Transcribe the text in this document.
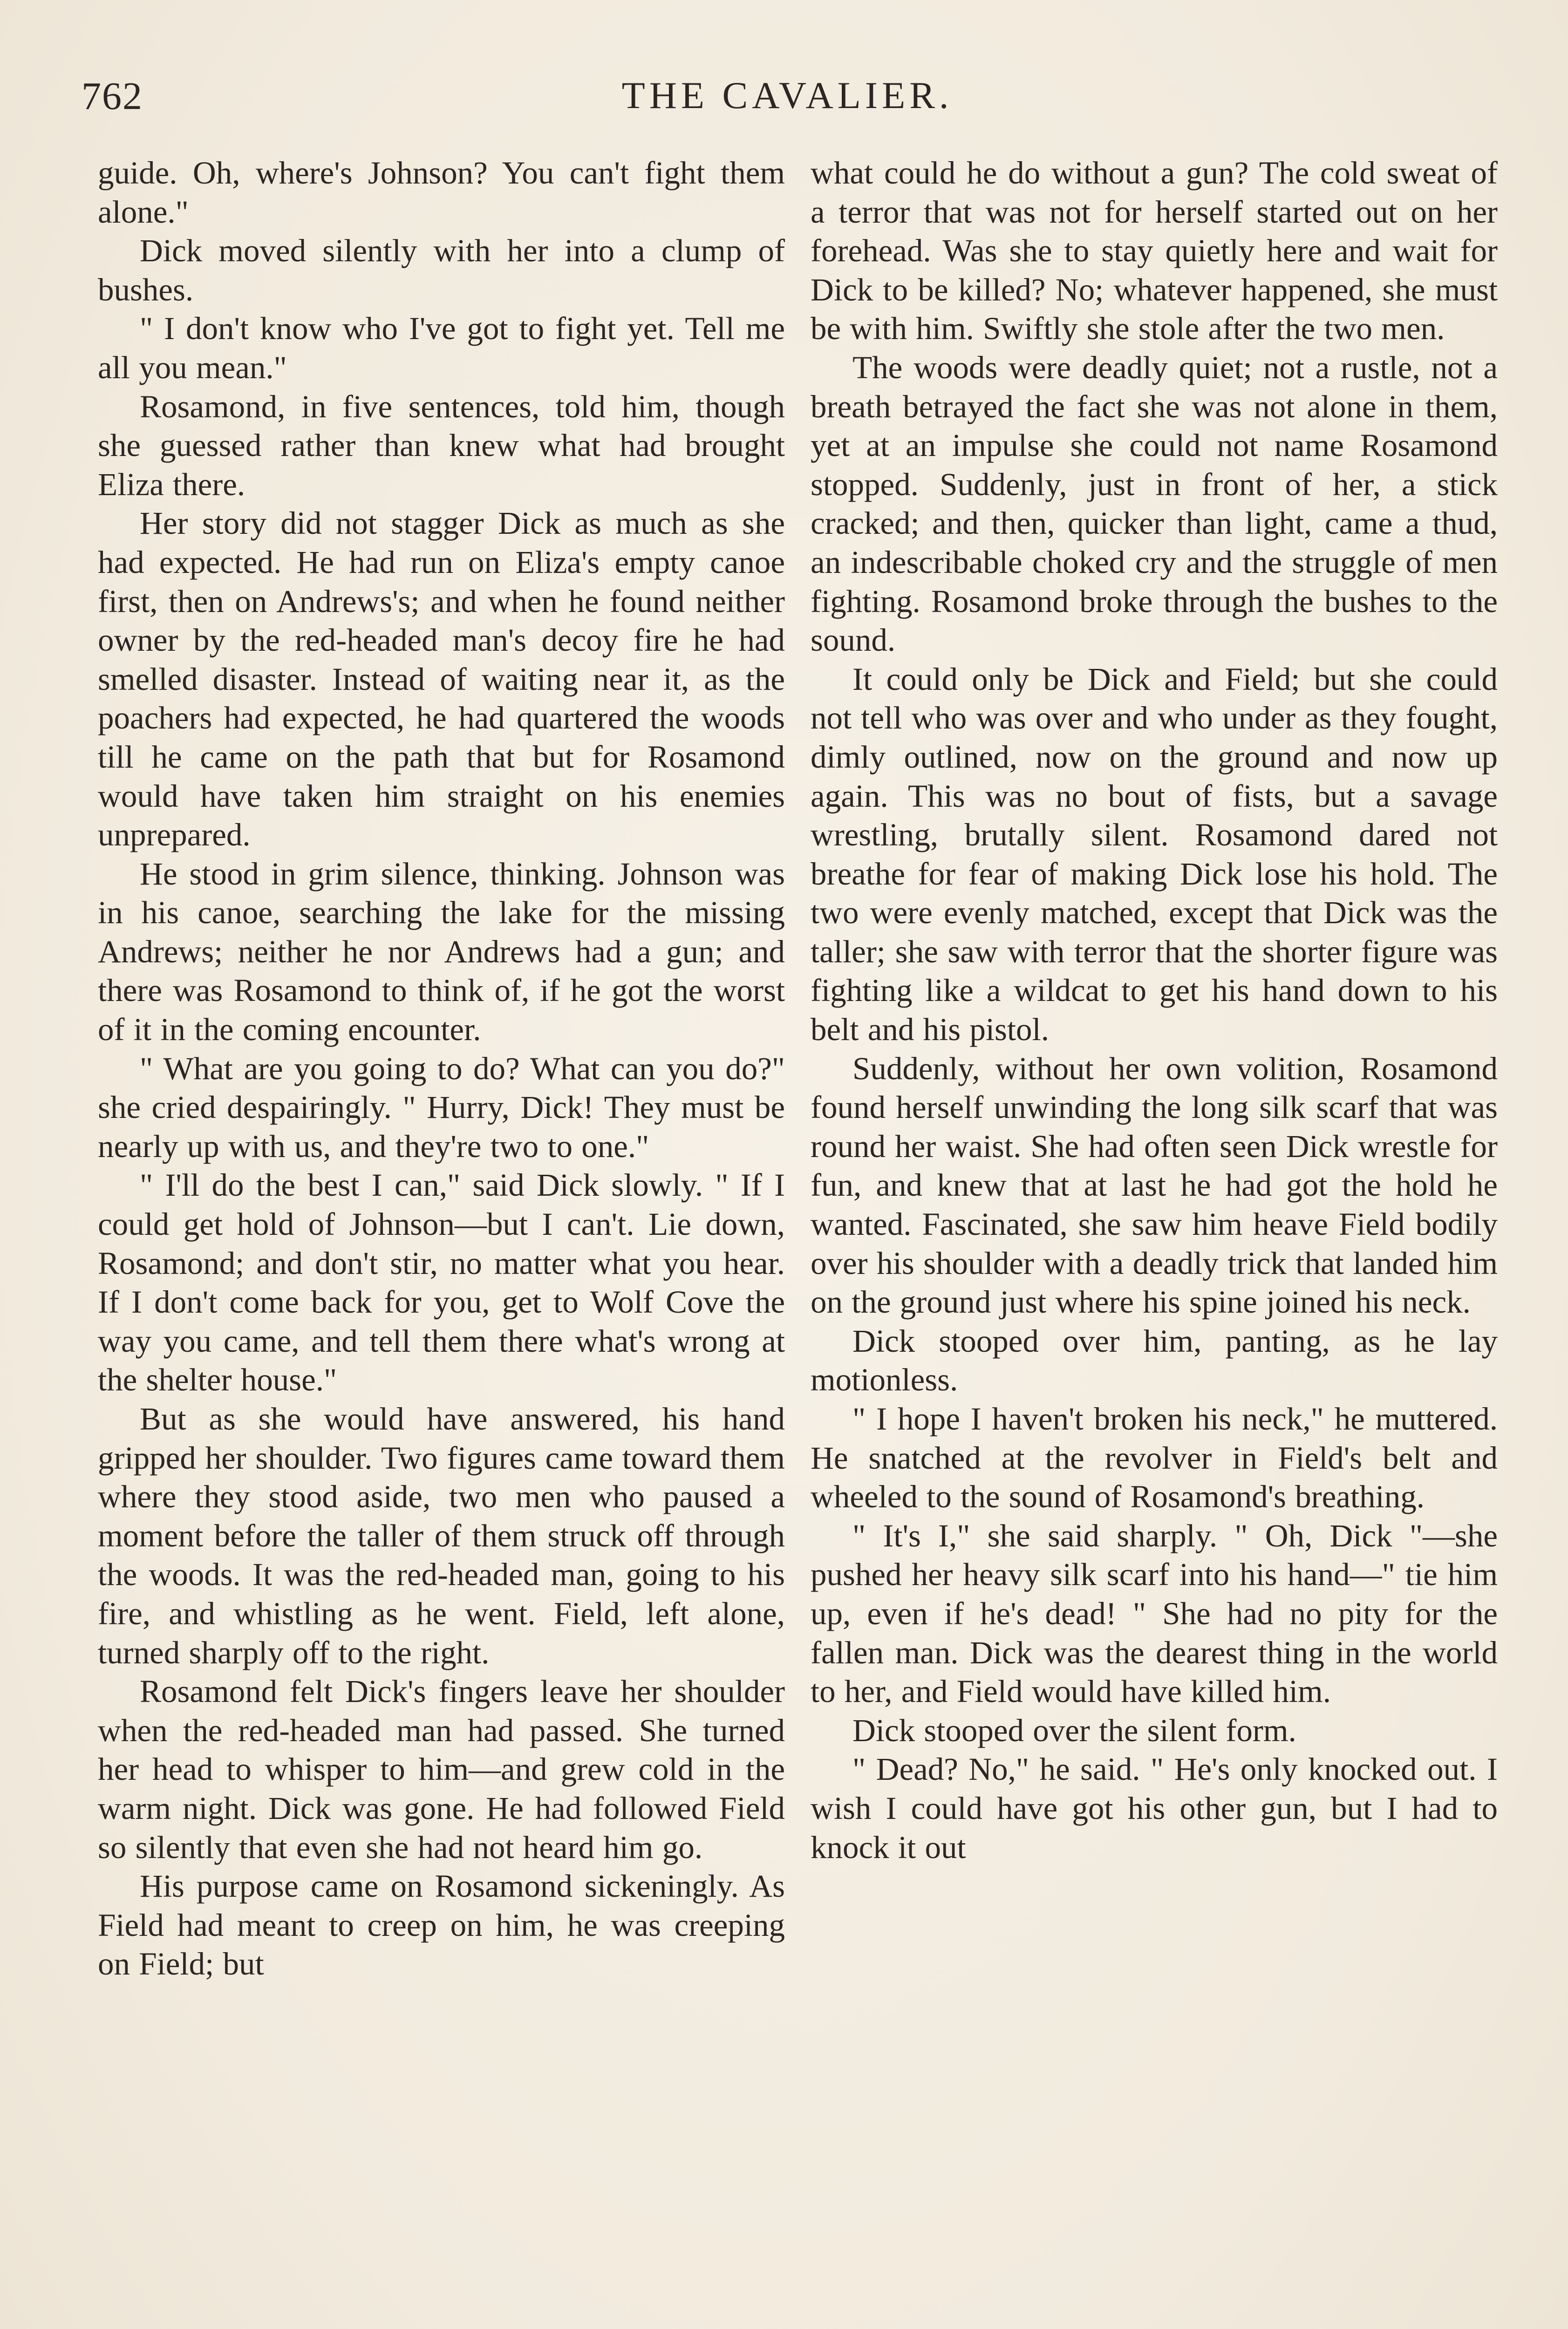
762	THE CAVALIER.

guide. Oh, where's Johnson? You can't fight them alone."

Dick moved silently with her into a clump of bushes.

" I don't know who I've got to fight yet. Tell me all you mean."

Rosamond, in five sentences, told him, though she guessed rather than knew what had brought Eliza there.

Her story did not stagger Dick as much as she had expected. He had run on Eliza's empty canoe first, then on Andrews's; and when he found neither owner by the red-headed man's decoy fire he had smelled disaster. Instead of waiting near it, as the poachers had expected, he had quartered the woods till he came on the path that but for Rosamond would have taken him straight on his enemies unprepared.

He stood in grim silence, thinking. Johnson was in his canoe, searching the lake for the missing Andrews; neither he nor Andrews had a gun; and there was Rosamond to think of, if he got the worst of it in the coming encounter.

" What are you going to do? What can you do?" she cried despairingly. " Hurry, Dick! They must be nearly up with us, and they're two to one."

" I'll do the best I can," said Dick slowly. " If I could get hold of Johnson—but I can't. Lie down, Rosamond; and don't stir, no matter what you hear. If I don't come back for you, get to Wolf Cove the way you came, and tell them there what's wrong at the shelter house."

But as she would have answered, his hand gripped her shoulder. Two figures came toward them where they stood aside, two men who paused a moment before the taller of them struck off through the woods. It was the red-headed man, going to his fire, and whistling as he went. Field, left alone, turned sharply off to the right.

Rosamond felt Dick's fingers leave her shoulder when the red-headed man had passed. She turned her head to whisper to him—and grew cold in the warm night. Dick was gone. He had followed Field so silently that even she had not heard him go.

His purpose came on Rosamond sickeningly. As Field had meant to creep on him, he was creeping on Field; but

what could he do without a gun? The cold sweat of a terror that was not for herself started out on her forehead. Was she to stay quietly here and wait for Dick to be killed? No; whatever happened, she must be with him. Swiftly she stole after the two men.

The woods were deadly quiet; not a rustle, not a breath betrayed the fact she was not alone in them, yet at an impulse she could not name Rosamond stopped. Suddenly, just in front of her, a stick cracked; and then, quicker than light, came a thud, an indescribable choked cry and the struggle of men fighting. Rosamond broke through the bushes to the sound.

It could only be Dick and Field; but she could not tell who was over and who under as they fought, dimly outlined, now on the ground and now up again. This was no bout of fists, but a savage wrestling, brutally silent. Rosamond dared not breathe for fear of making Dick lose his hold. The two were evenly matched, except that Dick was the taller; she saw with terror that the shorter figure was fighting like a wildcat to get his hand down to his belt and his pistol.

Suddenly, without her own volition, Rosamond found herself unwinding the long silk scarf that was round her waist. She had often seen Dick wrestle for fun, and knew that at last he had got the hold he wanted. Fascinated, she saw him heave Field bodily over his shoulder with a deadly trick that landed him on the ground just where his spine joined his neck.

Dick stooped over him, panting, as he lay motionless.

" I hope I haven't broken his neck," he muttered. He snatched at the revolver in Field's belt and wheeled to the sound of Rosamond's breathing.

" It's I," she said sharply. " Oh, Dick "—she pushed her heavy silk scarf into his hand—" tie him up, even if he's dead! " She had no pity for the fallen man. Dick was the dearest thing in the world to her, and Field would have killed him.

Dick stooped over the silent form.

" Dead? No," he said. " He's only knocked out. I wish I could have got his other gun, but I had to knock it out
